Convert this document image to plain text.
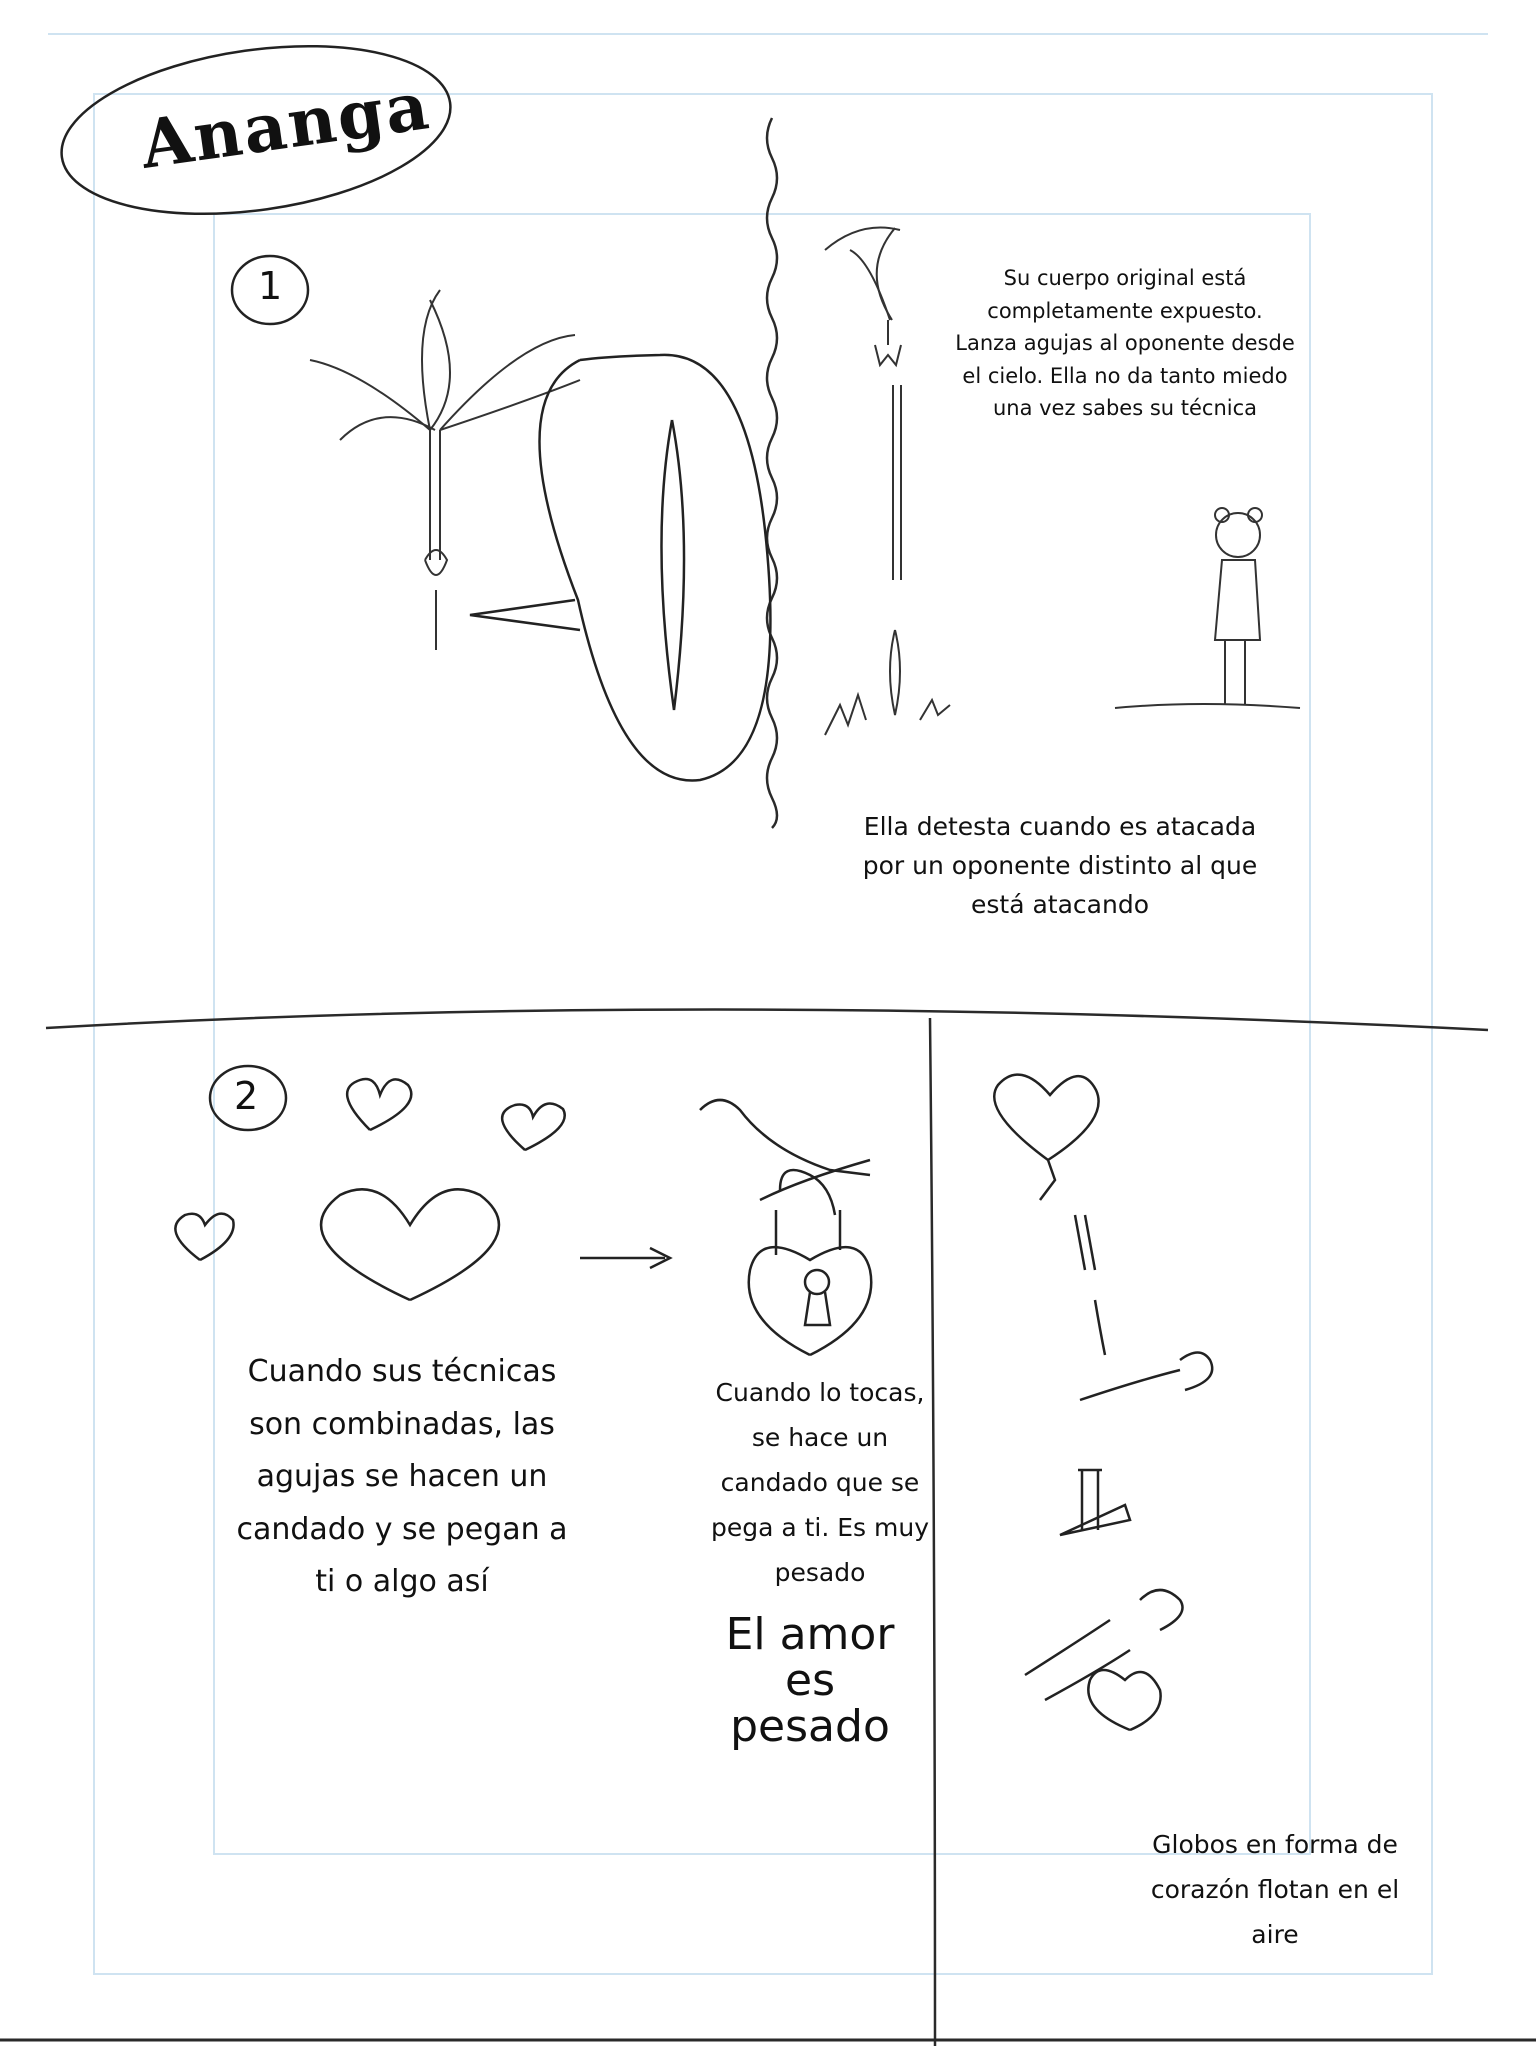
Ananga
1
2
Su cuerpo original está completamente expuesto. Lanza agujas al oponente desde el cielo. Ella no da tanto miedo una vez sabes su técnica
Ella detesta cuando es atacada por un oponente distinto al que está atacando
Cuando sus técnicas son combinadas, las agujas se hacen un candado y se pegan a ti o algo así
Cuando lo tocas, se hace un candado que se pega a ti. Es muy pesado
El amor es pesado
Globos en forma de corazón flotan en el aire
